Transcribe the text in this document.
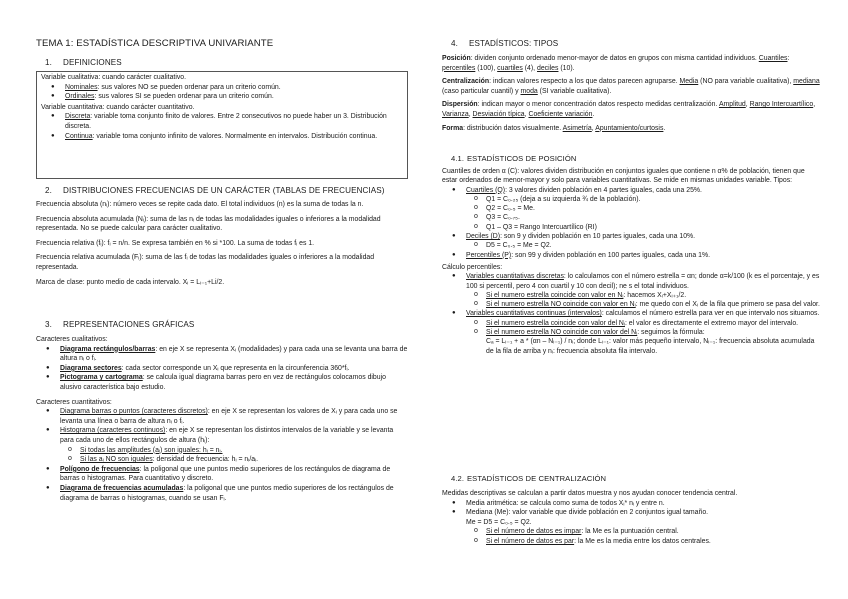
TEMA 1: ESTADÍSTICA DESCRIPTIVA UNIVARIANTE
1. DEFINICIONES
Variable cualitativa: cuando carácter cualitativo.
● Nominales: sus valores NO se pueden ordenar para un criterio común.
● Ordinales: sus valores SI se pueden ordenar para un criterio común.
Variable cuantitativa: cuando carácter cuantitativo.
● Discreta: variable toma conjunto finito de valores. Entre 2 consecutivos no puede haber un 3. Distribución discreta.
● Continua: variable toma conjunto infinito de valores. Normalmente en intervalos. Distribución continua.
2. DISTRIBUCIONES FRECUENCIAS DE UN CARÁCTER (TABLAS DE FRECUENCIAS)
Frecuencia absoluta (nᵢ): número veces se repite cada dato. El total individuos (n) es la suma de todas la n.
Frecuencia absoluta acumulada (Nᵢ): suma de las nᵢ de todas las modalidades iguales o inferiores a la modalidad representada. No se puede calcular para carácter cualitativo.
Frecuencia relativa (fᵢ): fᵢ = n/n. Se expresa también en % si *100. La suma de todas fᵢ es 1.
Frecuencia relativa acumulada (Fᵢ): suma de las fᵢ de todas las modalidades iguales o inferiores a la modalidad representada.
Marca de clase: punto medio de cada intervalo. Xᵢ = Lᵢ₋₁+Li/2.
3. REPRESENTACIONES GRÁFICAS
Caracteres cualitativos:
● Diagrama rectángulos/barras: en eje X se representa Xᵢ (modalidades) y para cada una se levanta una barra de altura nᵢ o fᵢ.
● Diagrama sectores: cada sector corresponde un Xᵢ que representa en la circunferencia 360*fᵢ.
● Pictograma y cartograma: se calcula igual diagrama barras pero en vez de rectángulos colocamos dibujo alusivo característica bajo estudio.
Caracteres cuantitativos:
● Diagrama barras o puntos (caracteres discretos): en eje X se representan los valores de Xᵢ y para cada uno se levanta una línea o barra de altura nᵢ o fᵢ.
● Histograma (caracteres continuos): en eje X se representan los distintos intervalos de la variable y se levanta para cada uno de ellos rectángulos de altura (hᵢ):
o Si todas las amplitudes (aᵢ) son iguales: hᵢ = nᵢ.
o Si las aᵢ NO son iguales: densidad de frecuencia: hᵢ = nᵢ/aᵢ.
● Polígono de frecuencias: la poligonal que une puntos medio superiores de los rectángulos de diagrama de barras o histogramas. Para cuantitativo y discreto.
● Diagrama de frecuencias acumuladas: la poligonal que une puntos medio superiores de los rectángulos de diagrama de barras o histogramas, cuando se usan Fᵢ.
4. ESTADÍSTICOS: TIPOS
Posición: dividen conjunto ordenado menor-mayor de datos en grupos con misma cantidad individuos. Cuantiles: percentiles (100), cuartiles (4), deciles (10).
Centralización: indican valores respecto a los que datos parecen agruparse. Media (NO para variable cualitativa), mediana (caso particular cuantil) y moda (SI variable cualitativa).
Dispersión: indican mayor o menor concentración datos respecto medidas centralización. Amplitud, Rango Intercuartílico, Varianza, Desviación típica, Coeficiente variación.
Forma: distribución datos visualmente. Asimetría, Apuntamiento/curtosis.
4.1. ESTADÍSTICOS DE POSICIÓN
Cuantiles de orden α (C): valores dividen distribución en conjuntos iguales que contiene n α% de población, tienen que estar ordenados de menor-mayor y solo para variables cuantitativas. Se mide en mismas unidades variable. Tipos:
● Cuartiles (Q): 3 valores dividen población en 4 partes iguales, cada una 25%.
o Q1 = C₀.₂₅ (deja a su izquierda ¾ de la población).
o Q2 = C₀.₅ = Me.
o Q3 = C₀.₇₅.
o Q1 – Q3 = Rango Intercuartílico (RI)
● Deciles (D): son 9 y dividen población en 10 partes iguales, cada una 10%.
o D5 = C₀.₅ = Me = Q2.
● Percentiles (P): son 99 y dividen población en 100 partes iguales, cada una 1%.
Cálculo percentiles:
● Variables cuantitativas discretas: lo calculamos con el número estrella = αn; donde α=k/100 (k es el porcentaje, y es 100 si percentil, pero 4 con cuartil y 10 con decil); ne s el total individuos.
o Si el numero estrella coincide con valor en Nᵢ: hacemos Xᵢ+Xᵢ₊₁/2.
o Si el numero estrella NO coincide con valor en Nᵢ: me quedo con el Xᵢ de la fila que primero se pasa del valor.
● Variables cuantitativas continuas (intervalos): calculamos el número estrella para ver en que intervalo nos situamos.
o Si el numero estrella coincide con valor del Nᵢ: el valor es directamente el extremo mayor del intervalo.
o Si el numero estrella NO coincide con valor del Nᵢ: seguimos la fórmula:
Cₐ = Lᵢ₋₁ + a * (αn – Nᵢ₋₁) / nᵢ; donde Lᵢ₋₁: valor más pequeño intervalo, Nᵢ₋₁: frecuencia absoluta acumulada de la fila de arriba y nᵢ: frecuencia absoluta fila intervalo.
4.2. ESTADÍSTICOS DE CENTRALIZACIÓN
Medidas descriptivas se calculan a partir datos muestra y nos ayudan conocer tendencia central.
● Media aritmética: se calcula como suma de todos Xᵢ* nᵢ y entre n.
● Mediana (Me): valor variable que divide población en 2 conjuntos igual tamaño.
Me = D5 = C₀.₅ = Q2.
o Si el número de datos es impar: la Me es la puntuación central.
o Si el número de datos es par: la Me es la media entre los datos centrales.
